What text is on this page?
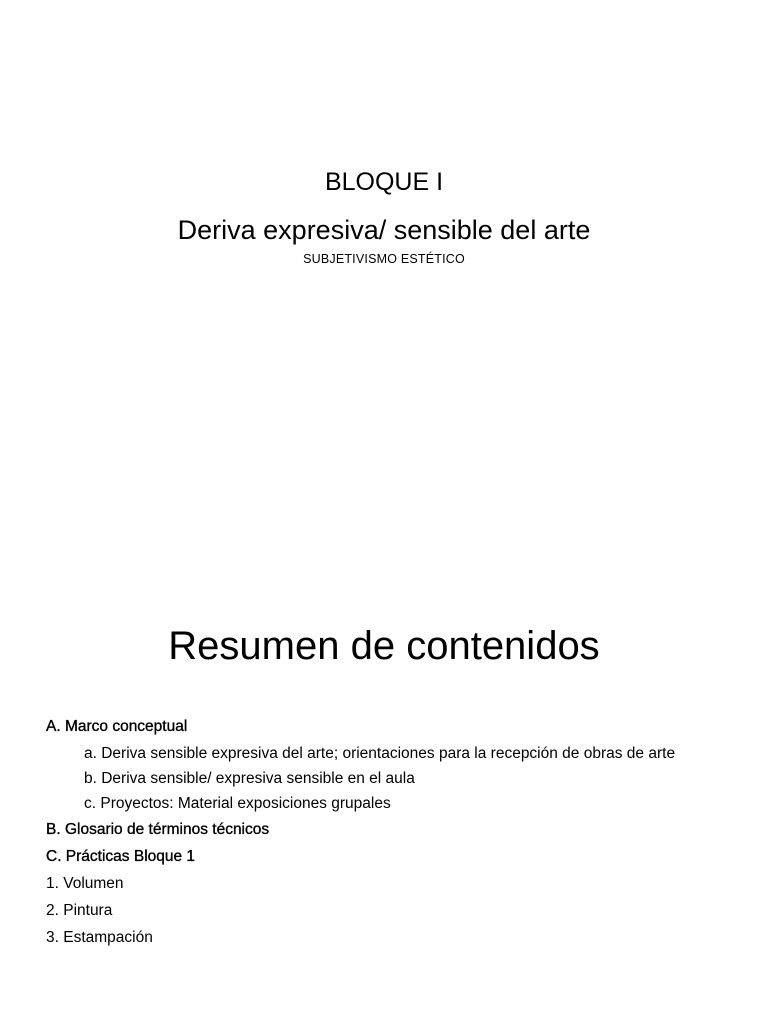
BLOQUE I
Deriva expresiva/ sensible del arte
SUBJETIVISMO ESTÉTICO
Resumen de contenidos

A. Marco conceptual

a. Deriva sensible expresiva del arte; orientaciones para la recepción de obras de arte

b. Deriva sensible/ expresiva sensible en el aula

c. Proyectos: Material exposiciones grupales

B. Glosario de términos técnicos

C. Prácticas Bloque 1

1. Volumen

2. Pintura

3. Estampación
